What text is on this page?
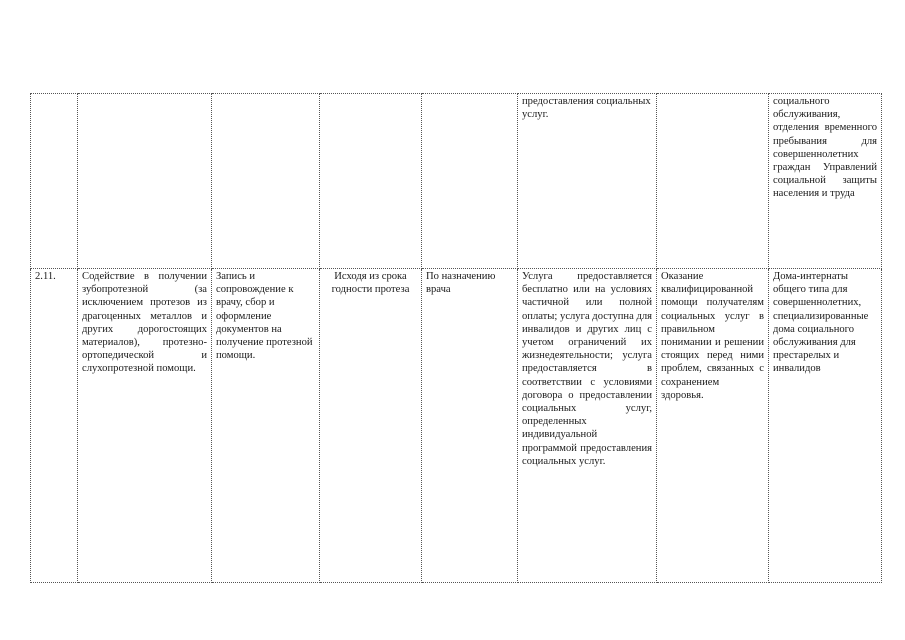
					предоставления социальных услуг.		социального обслуживания, отделения временного пребывания для совершеннолетних граждан Управлений социальной защиты населения и труда

2.11.	Содействие в получении зубопротезной (за исключением протезов из драгоценных металлов и других дорогостоящих материалов), протезно-ортопедической и слухопротезной помощи.	Запись и сопровождение к врачу, сбор и оформление документов на получение протезной помощи.	Исходя из срока годности протеза	По назначению врача	Услуга предоставляется бесплатно или на условиях частичной или полной оплаты; услуга доступна для инвалидов и других лиц с учетом ограничений их жизнедеятельности; услуга предоставляется в соответствии с условиями договора о предоставлении социальных услуг, определенных индивидуальной программой предоставления социальных услуг.	Оказание квалифицированной помощи получателям социальных услуг в правильном понимании и решении стоящих перед ними проблем, связанных с сохранением здоровья.	Дома-интернаты общего типа для совершеннолетних, специализированные дома социального обслуживания для престарелых и инвалидов
